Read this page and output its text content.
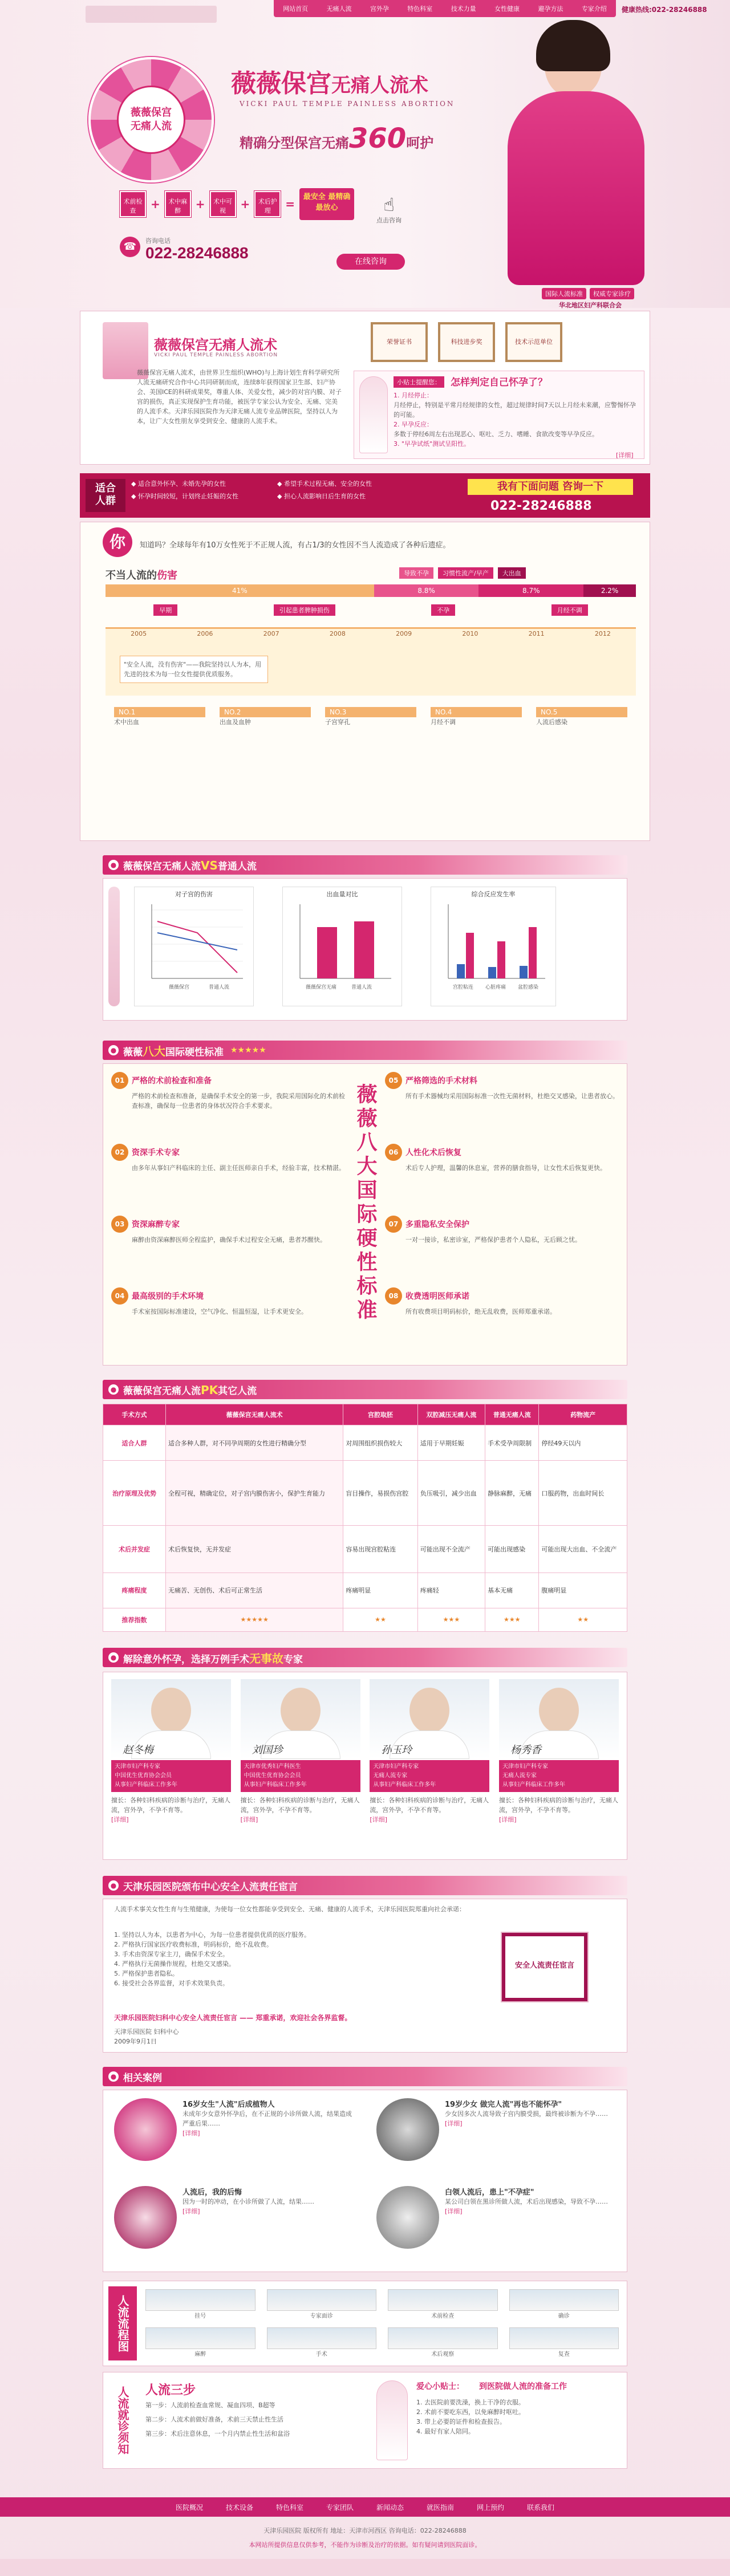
网站首页	无痛人流	宫外孕	特色科室	技术力量	女性健康	避孕方法	专家介绍 健康热线:022-28246888
薇薇保宫
无痛人流
薇薇保宫无痛人流术
VICKI PAUL TEMPLE PAINLESS ABORTION
精确分型保宫无痛360呵护
术前检查	+	术中麻醉	+	术中可视	+	术后护理	=
最安全 最精确 最放心	☝
点击咨询
☎	咨询电话
022-28246888	在线咨询
国际人流标准	权威专家诊疗
华北地区妇产科联合会
薇薇保宫无痛人流术
VICKI PAUL TEMPLE PAINLESS ABORTION
薇薇保宫无痛人流术，由世界卫生组织(WHO)与上海计划生育科学研究所人流无痛研究合作中心共同研制而成，连续8年获得国家卫生部、妇产协会、美国ICE的科研成果奖，尊重人体、关爱女性，减少的对宫内膜、对子宫的损伤，真正实现保护生育功能，被医学专家公认为安全、无痛、完美的人流手术。天津乐园医院作为天津无痛人流专业品牌医院，坚持以人为本，让广大女性朋友享受到安全、健康的人流手术。
荣誉证书	科技进步奖	技术示范单位
小贴士提醒您：	怎样判定自己怀孕了？
1. 月经停止：
月经停止，特别是平常月经规律的女性，超过规律时间7天以上月经未来潮，应警惕怀孕的可能。
2. 早孕反应：
多数于停经6周左右出现恶心、呕吐、乏力、嗜睡、食欲改变等早孕反应。
3. "早孕试纸"测试呈阳性。
[详细]
适合
人群
◆ 适合意外怀孕、未婚先孕的女性	◆ 希望手术过程无痛、安全的女性
◆ 怀孕时间较短，计划终止妊娠的女性	◆ 担心人流影响日后生育的女性
我有下面问题 咨询一下
022-28246888
你	知道吗？全球每年有10万女性死于不正规人流，有占1/3的女性因不当人流造成了各种后遗症。
不当人流的伤害	导致不孕	习惯性流产/早产	大出血
41%	8.8%	8.7%	2.2%
早期	引起患者脾肿损伤	不孕	月经不调
2005	2006	2007	2008	2009	2010	2011	2012
"安全人流，没有伤害"——我院坚持以人为本，用先进的技术为每一位女性提供优质服务。
NO.1
术中出血
NO.2
出血及血肿
NO.3
子宫穿孔
NO.4
月经不调
NO.5
人流后感染
● 薇薇保宫无痛人流VS普通人流
对子宫的伤害
薇薇保宫	普通人流
出血量对比
薇薇保宫无痛	普通人流
综合反应发生率
宫腔粘连 心脏疼痛 盆腔感染
● 薇薇八大国际硬性标准 ★★★★★
薇薇八大国际硬性标准
01 严格的术前检查和准备
严格的术前检查和准备，是确保手术安全的第一步，我院采用国际化的术前检查标准，确保每一位患者的身体状况符合手术要求。
05 严格筛选的手术材料
所有手术器械均采用国际标准一次性无菌材料，杜绝交叉感染，让患者放心。
02 资深手术专家
由多年从事妇产科临床的主任、副主任医师亲自手术，经验丰富，技术精湛。
06 人性化术后恢复
术后专人护理，温馨的休息室，营养的膳食指导，让女性术后恢复更快。
03 资深麻醉专家
麻醉由资深麻醉医师全程监护，确保手术过程安全无痛，患者苏醒快。
07 多重隐私安全保护
一对一接诊，私密诊室，严格保护患者个人隐私，无后顾之忧。
04 最高级别的手术环境
手术室按国际标准建设，空气净化、恒温恒湿，让手术更安全。
08 收费透明医师承诺
所有收费项目明码标价，绝无乱收费，医师郑重承诺。
● 薇薇保宫无痛人流PK其它人流
手术方式	薇薇保宫无痛人流术	宫腔取胚	双腔减压无痛人流	普通无痛人流	药物流产
适合人群	适合多种人群，对不同孕周期的女性进行精确分型	对周围组织损伤较大	适用于早期妊娠	手术受孕周限制	停经49天以内
治疗原理及优势	全程可视，精确定位，对子宫内膜伤害小，保护生育能力	盲目操作，易损伤宫腔	负压吸引，减少出血	静脉麻醉，无痛	口服药物，出血时间长
术后并发症	术后恢复快，无并发症	容易出现宫腔粘连	可能出现不全流产	可能出现感染	可能出现大出血、不全流产
疼痛程度	无痛苦、无创伤、术后可正常生活	疼痛明显	疼痛轻	基本无痛	腹痛明显
推荐指数	★★★★★	★★	★★★	★★★	★★
● 解除意外怀孕，选择万例手术无事故专家
赵冬梅
天津市妇产科专家
中国优生优育协会会员
从事妇产科临床工作多年
擅长：各种妇科疾病的诊断与治疗，无痛人流，宫外孕，不孕不育等。
[详细]
刘国珍
天津市优秀妇产科医生
中国优生优育协会会员
从事妇产科临床工作多年
擅长：各种妇科疾病的诊断与治疗，无痛人流，宫外孕，不孕不育等。
[详细]
孙玉玲
天津市妇产科专家
无痛人流专家
从事妇产科临床工作多年
擅长：各种妇科疾病的诊断与治疗，无痛人流，宫外孕，不孕不育等。
[详细]
杨秀香
天津市妇产科专家
无痛人流专家
从事妇产科临床工作多年
擅长：各种妇科疾病的诊断与治疗，无痛人流，宫外孕，不孕不育等。
[详细]
● 天津乐园医院颁布中心安全人流责任宦言
人流手术事关女性生育与生殖健康，为使每一位女性都能享受到安全、无痛、健康的人流手术，天津乐园医院郑重向社会承诺：
1. 坚持以人为本，以患者为中心，为每一位患者提供优质的医疗服务。
2. 严格执行国家医疗收费标准，明码标价，绝不乱收费。
3. 手术由资深专家主刀，确保手术安全。
4. 严格执行无菌操作规程，杜绝交叉感染。
5. 严格保护患者隐私。
6. 接受社会各界监督，对手术效果负责。
天津乐园医院妇科中心安全人流责任宦言 —— 郑重承诺，欢迎社会各界监督。
天津乐园医院 妇科中心
2009年9月1日
安全人流责任宦言
● 相关案例
16岁女生"人流"后成植物人
未成年少女意外怀孕后，在不正规的小诊所做人流，结果造成严重后果……
[详细]
19岁少女 做完人流"再也不能怀孕"
少女因多次人流导致子宫内膜受损，最终被诊断为不孕……
[详细]
人流后，我的后悔
因为一时的冲动，在小诊所做了人流，结果……
[详细]
白领人流后，患上"不孕症"
某公司白领在黑诊所做人流，术后出现感染，导致不孕……
[详细]
人流流程图	挂号	专家面诊	术前检查	确诊
麻醉	手术	术后观察	复查
人流就诊须知	人流三步
第一步：人流前检查血常规、凝血四项、B超等
第二步：人流术前做好准备，术前三天禁止性生活
第三步：术后注意休息，一个月内禁止性生活和盆浴
爱心小贴士： 到医院做人流的准备工作
1. 去医院前要洗澡，换上干净的衣服。
2. 术前不要吃东西，以免麻醉时呕吐。
3. 带上必要的证件和检查报告。
4. 最好有家人陪同。
医院概况	技术设备	特色科室	专家团队	新闻动态	就医指南	网上预约	联系我们
天津乐园医院 版权所有 地址：天津市河西区 咨询电话：022-28246888
本网站所提供信息仅供参考，不能作为诊断及治疗的依据。如有疑问请到医院面诊。
